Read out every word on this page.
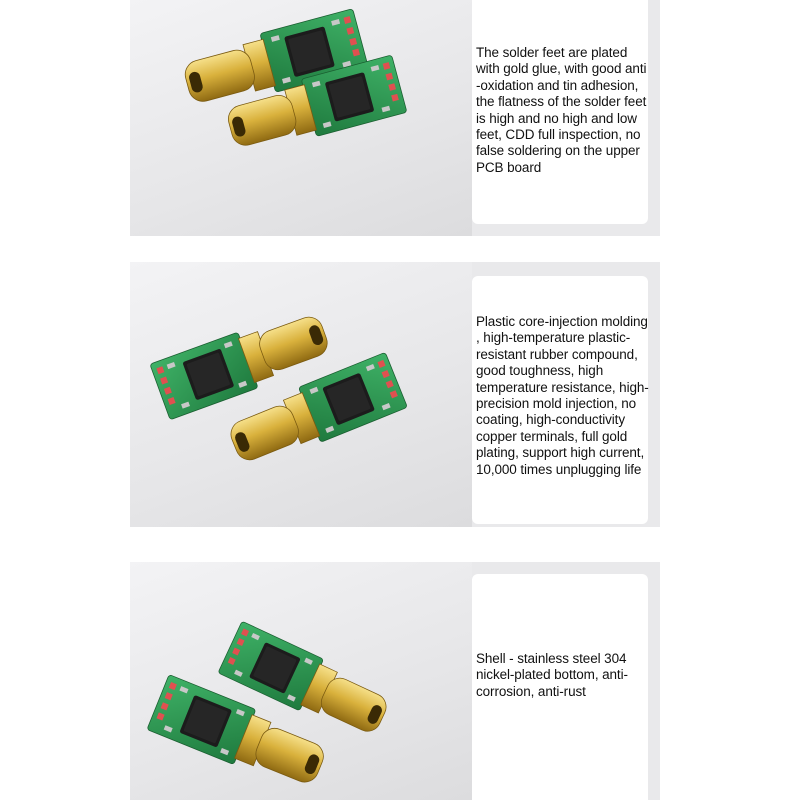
The solder feet are plated
with gold glue, with good anti
-oxidation and tin adhesion,
the flatness of the solder feet
is high and no high and low
feet, CDD full inspection, no
false soldering on the upper
PCB board
Plastic core-injection molding
, high-temperature plastic-
resistant rubber compound,
good toughness, high
temperature resistance, high-
precision mold injection, no
coating, high-conductivity
copper terminals, full gold
plating, support high current,
10,000 times unplugging life
Shell - stainless steel 304
nickel-plated bottom, anti-
corrosion, anti-rust
